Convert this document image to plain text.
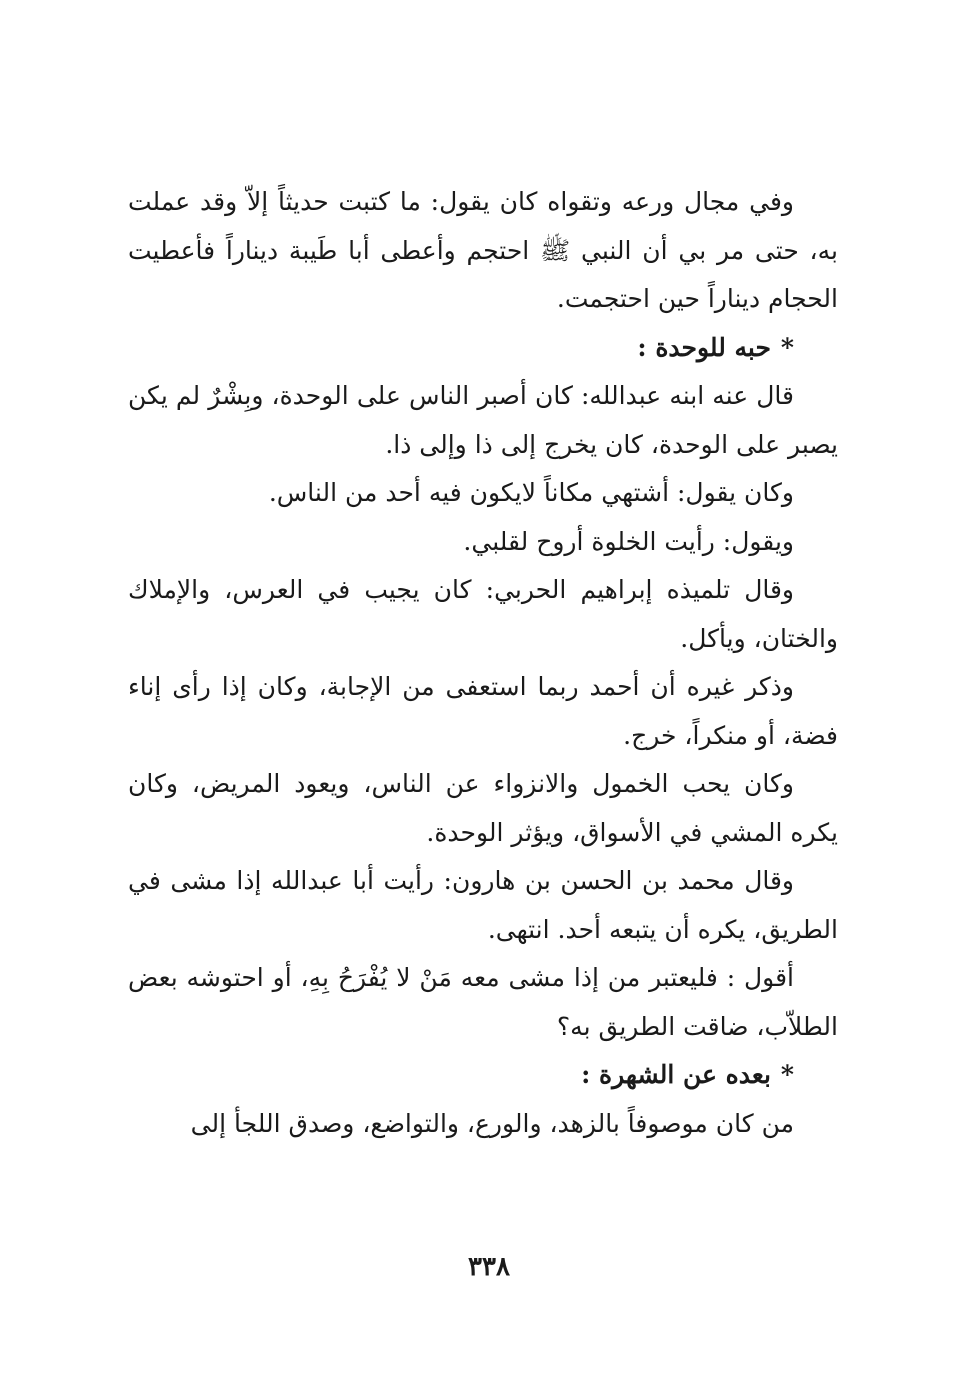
وفي مجال ورعه وتقواه كان يقول: ما كتبت حديثاً إلاّ وقد عملت به، حتى مر بي أن النبي ﷺ احتجم وأعطى أبا طَيبة ديناراً فأعطيت الحجام ديناراً حين احتجمت.

*حبه للوحدة :

قال عنه ابنه عبدالله: كان أصبر الناس على الوحدة، وبِشْرٌ لم يكن يصبر على الوحدة، كان يخرج إلى ذا وإلى ذا.

وكان يقول: أشتهي مكاناً لايكون فيه أحد من الناس.

ويقول: رأيت الخلوة أروح لقلبي.

وقال تلميذه إبراهيم الحربي: كان يجيب في العرس، والإملاك والختان، ويأكل.

وذكر غيره أن أحمد ربما استعفى من الإجابة، وكان إذا رأى إناء فضة، أو منكراً، خرج.

وكان يحب الخمول والانزواء عن الناس، ويعود المريض، وكان يكره المشي في الأسواق، ويؤثر الوحدة.

وقال محمد بن الحسن بن هارون: رأيت أبا عبدالله إذا مشى في الطريق، يكره أن يتبعه أحد. انتهى.

أقول : فليعتبر من إذا مشى معه مَنْ لا يُفْرَحُ بِهِ، أو احتوشه بعض الطلاّب، ضاقت الطريق به؟

*بعده عن الشهرة :

من كان موصوفاً بالزهد، والورع، والتواضع، وصدق اللجأ إلى

٣٣٨
